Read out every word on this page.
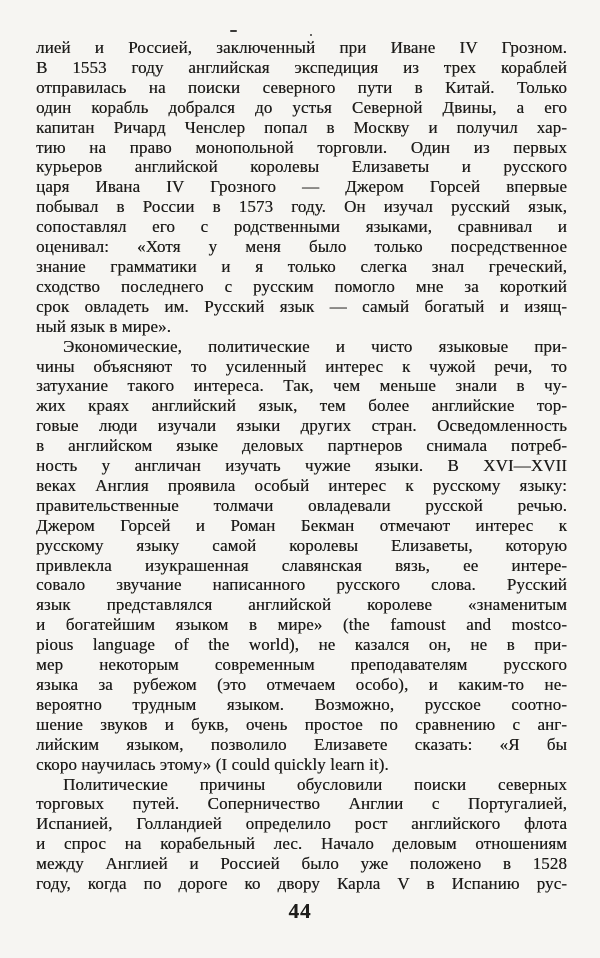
лией и Россией, заключенный при Иване IV Грозном.
В 1553 году английская экспедиция из трех кораблей
отправилась на поиски северного пути в Китай. Только
один корабль добрался до устья Северной Двины, а его
капитан Ричард Ченслер попал в Москву и получил хар-
тию на право монопольной торговли. Один из первых
курьеров английской королевы Елизаветы и русского
царя Ивана IV Грозного — Джером Горсей впервые
побывал в России в 1573 году. Он изучал русский язык,
сопоставлял его с родственными языками, сравнивал и
оценивал: «Хотя у меня было только посредственное
знание грамматики и я только слегка знал греческий,
сходство последнего с русским помогло мне за короткий
срок овладеть им. Русский язык — самый богатый и изящ-
ный язык в мире».
Экономические, политические и чисто языковые при-
чины объясняют то усиленный интерес к чужой речи, то
затухание такого интереса. Так, чем меньше знали в чу-
жих краях английский язык, тем более английские тор-
говые люди изучали языки других стран. Осведомленность
в английском языке деловых партнеров снимала потреб-
ность у англичан изучать чужие языки. В XVI—XVII
веках Англия проявила особый интерес к русскому языку:
правительственные толмачи овладевали русской речью.
Джером Горсей и Роман Бекман отмечают интерес к
русскому языку самой королевы Елизаветы, которую
привлекла изукрашенная славянская вязь, ее интере-
совало звучание написанного русского слова. Русский
язык представлялся английской королеве «знаменитым
и богатейшим языком в мире» (the famoust and mostco-
pious language of the world), не казался он, не в при-
мер некоторым современным преподавателям русского
языка за рубежом (это отмечаем особо), и каким-то не-
вероятно трудным языком. Возможно, русское соотно-
шение звуков и букв, очень простое по сравнению с анг-
лийским языком, позволило Елизавете сказать: «Я бы
скоро научилась этому» (I could quickly learn it).
Политические причины обусловили поиски северных
торговых путей. Соперничество Англии с Португалией,
Испанией, Голландией определило рост английского флота
и спрос на корабельный лес. Начало деловым отношениям
между Англией и Россией было уже положено в 1528
году, когда по дороге ко двору Карла V в Испанию рус-
44
